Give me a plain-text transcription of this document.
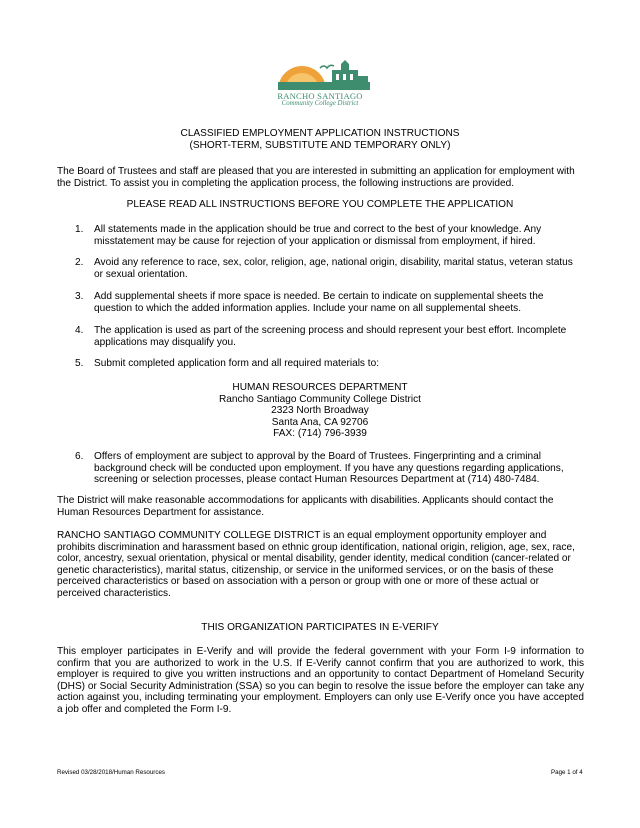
RANCHO SANTIAGO
Community College District
CLASSIFIED EMPLOYMENT APPLICATION INSTRUCTIONS
(SHORT-TERM, SUBSTITUTE AND TEMPORARY ONLY)
The Board of Trustees and staff are pleased that you are interested in submitting an application for employment with the District. To assist you in completing the application process, the following instructions are provided.
PLEASE READ ALL INSTRUCTIONS BEFORE YOU COMPLETE THE APPLICATION
1. All statements made in the application should be true and correct to the best of your knowledge. Any misstatement may be cause for rejection of your application or dismissal from employment, if hired.
2. Avoid any reference to race, sex, color, religion, age, national origin, disability, marital status, veteran status or sexual orientation.
3. Add supplemental sheets if more space is needed. Be certain to indicate on supplemental sheets the question to which the added information applies. Include your name on all supplemental sheets.
4. The application is used as part of the screening process and should represent your best effort. Incomplete applications may disqualify you.
5. Submit completed application form and all required materials to:
HUMAN RESOURCES DEPARTMENT
Rancho Santiago Community College District
2323 North Broadway
Santa Ana, CA 92706
FAX: (714) 796-3939
6. Offers of employment are subject to approval by the Board of Trustees. Fingerprinting and a criminal background check will be conducted upon employment. If you have any questions regarding applications, screening or selection processes, please contact Human Resources Department at (714) 480-7484.
The District will make reasonable accommodations for applicants with disabilities. Applicants should contact the Human Resources Department for assistance.
RANCHO SANTIAGO COMMUNITY COLLEGE DISTRICT is an equal employment opportunity employer and prohibits discrimination and harassment based on ethnic group identification, national origin, religion, age, sex, race, color, ancestry, sexual orientation, physical or mental disability, gender identity, medical condition (cancer-related or genetic characteristics), marital status, citizenship, or service in the uniformed services, or on the basis of these perceived characteristics or based on association with a person or group with one or more of these actual or perceived characteristics.
THIS ORGANIZATION PARTICIPATES IN E-VERIFY
This employer participates in E-Verify and will provide the federal government with your Form I-9 information to confirm that you are authorized to work in the U.S. If E-Verify cannot confirm that you are authorized to work, this employer is required to give you written instructions and an opportunity to contact Department of Homeland Security (DHS) or Social Security Administration (SSA) so you can begin to resolve the issue before the employer can take any action against you, including terminating your employment. Employers can only use E-Verify once you have accepted a job offer and completed the Form I-9.
Revised 03/28/2018/Human Resources	Page 1 of 4
